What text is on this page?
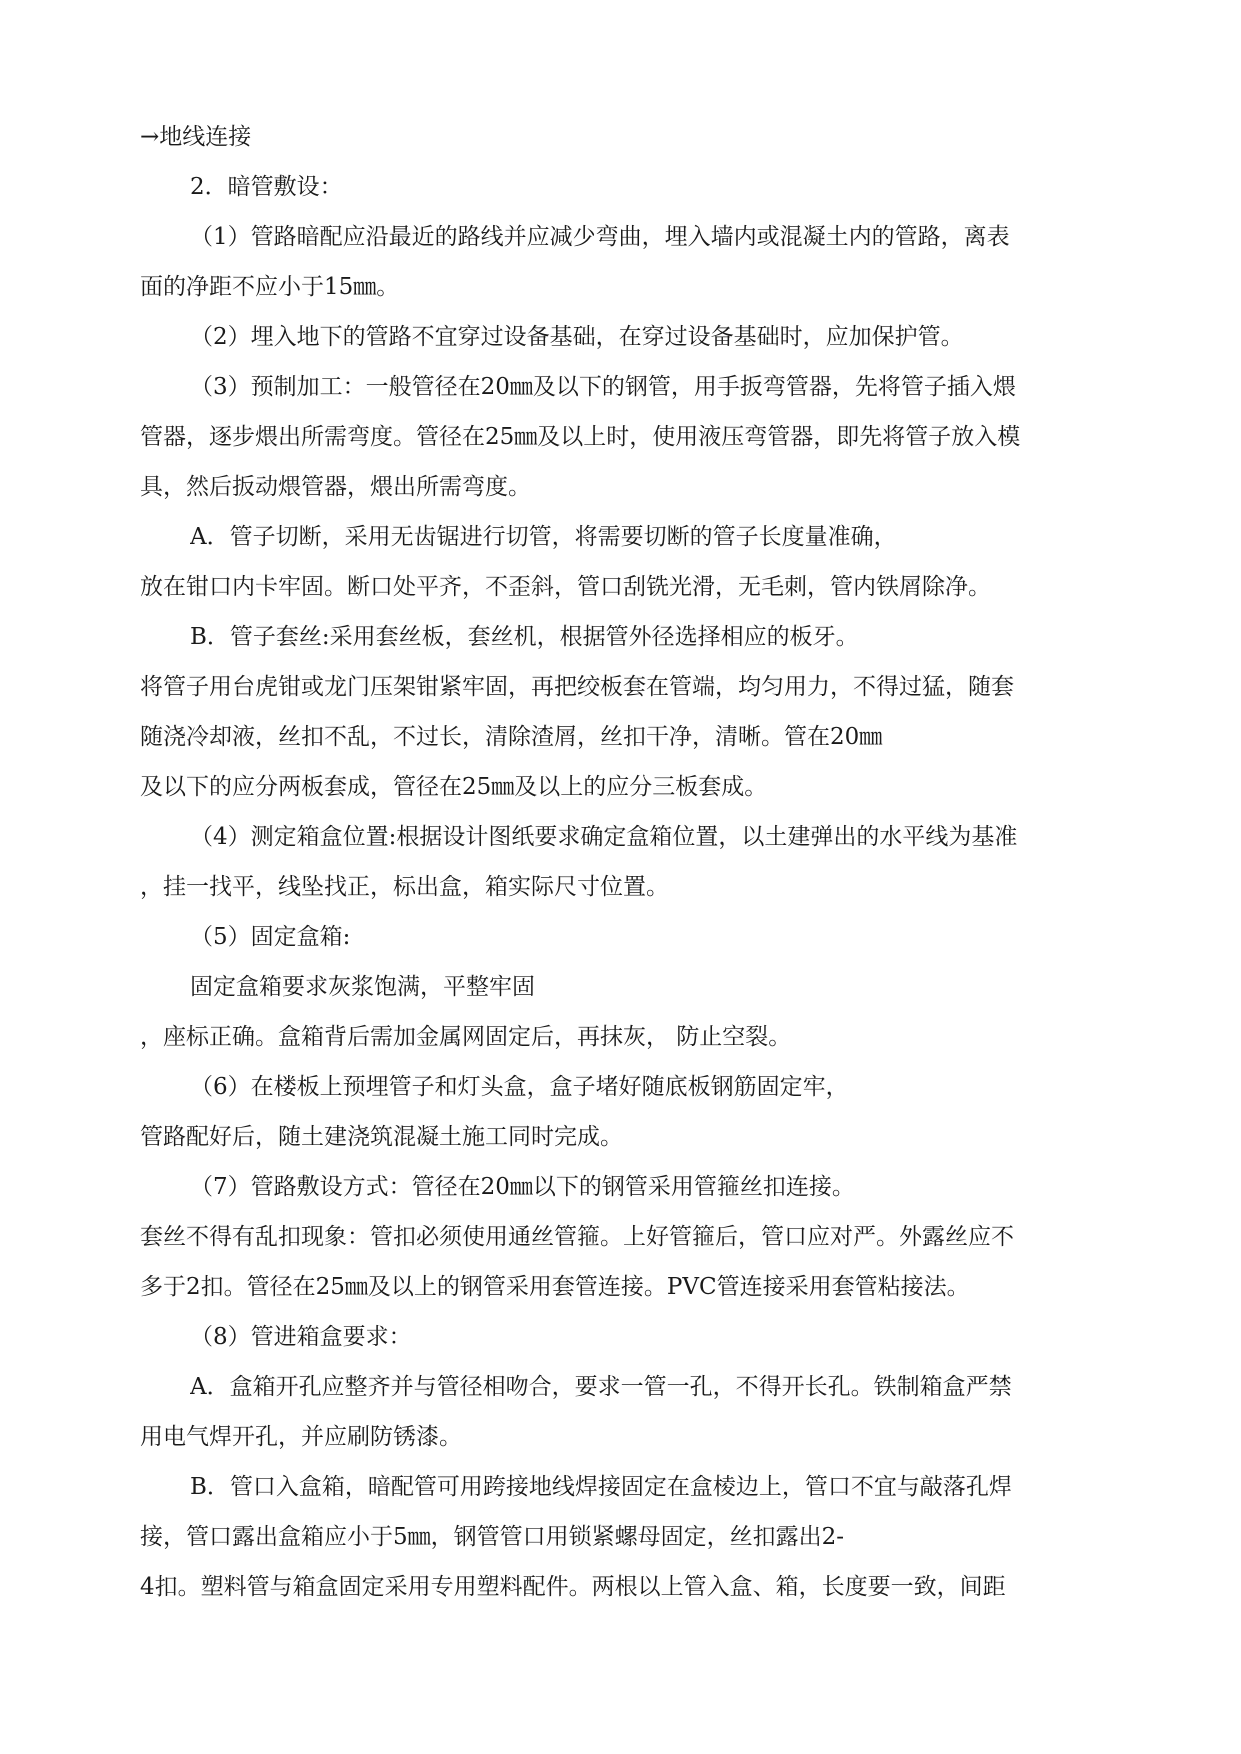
→地线连接
2．暗管敷设：
（1）管路暗配应沿最近的路线并应减少弯曲，埋入墙内或混凝土内的管路，离表
面的净距不应小于15㎜。
（2）埋入地下的管路不宜穿过设备基础，在穿过设备基础时，应加保护管。
（3）预制加工：一般管径在20㎜及以下的钢管，用手扳弯管器，先将管子插入煨
管器，逐步煨出所需弯度。管径在25㎜及以上时，使用液压弯管器，即先将管子放入模
具，然后扳动煨管器，煨出所需弯度。
A．管子切断，采用无齿锯进行切管，将需要切断的管子长度量准确，
放在钳口内卡牢固。断口处平齐，不歪斜，管口刮铣光滑，无毛刺，管内铁屑除净。
B．管子套丝:采用套丝板，套丝机，根据管外径选择相应的板牙。
将管子用台虎钳或龙门压架钳紧牢固，再把绞板套在管端，均匀用力，不得过猛，随套
随浇冷却液，丝扣不乱，不过长，清除渣屑，丝扣干净，清晰。管在20㎜
及以下的应分两板套成，管径在25㎜及以上的应分三板套成。
（4）测定箱盒位置:根据设计图纸要求确定盒箱位置，以土建弹出的水平线为基准
，挂一找平，线坠找正，标出盒，箱实际尺寸位置。
（5）固定盒箱:
固定盒箱要求灰浆饱满，平整牢固
，座标正确。盒箱背后需加金属网固定后，再抹灰， 防止空裂。
（6）在楼板上预埋管子和灯头盒，盒子堵好随底板钢筋固定牢，
管路配好后，随土建浇筑混凝土施工同时完成。
（7）管路敷设方式：管径在20㎜以下的钢管采用管箍丝扣连接。
套丝不得有乱扣现象：管扣必须使用通丝管箍。上好管箍后，管口应对严。外露丝应不
多于2扣。管径在25㎜及以上的钢管采用套管连接。PVC管连接采用套管粘接法。
（8）管进箱盒要求：
A．盒箱开孔应整齐并与管径相吻合，要求一管一孔，不得开长孔。铁制箱盒严禁
用电气焊开孔，并应刷防锈漆。
B．管口入盒箱，暗配管可用跨接地线焊接固定在盒棱边上，管口不宜与敲落孔焊
接，管口露出盒箱应小于5㎜，钢管管口用锁紧螺母固定，丝扣露出2-
4扣。塑料管与箱盒固定采用专用塑料配件。两根以上管入盒、箱，长度要一致，间距
